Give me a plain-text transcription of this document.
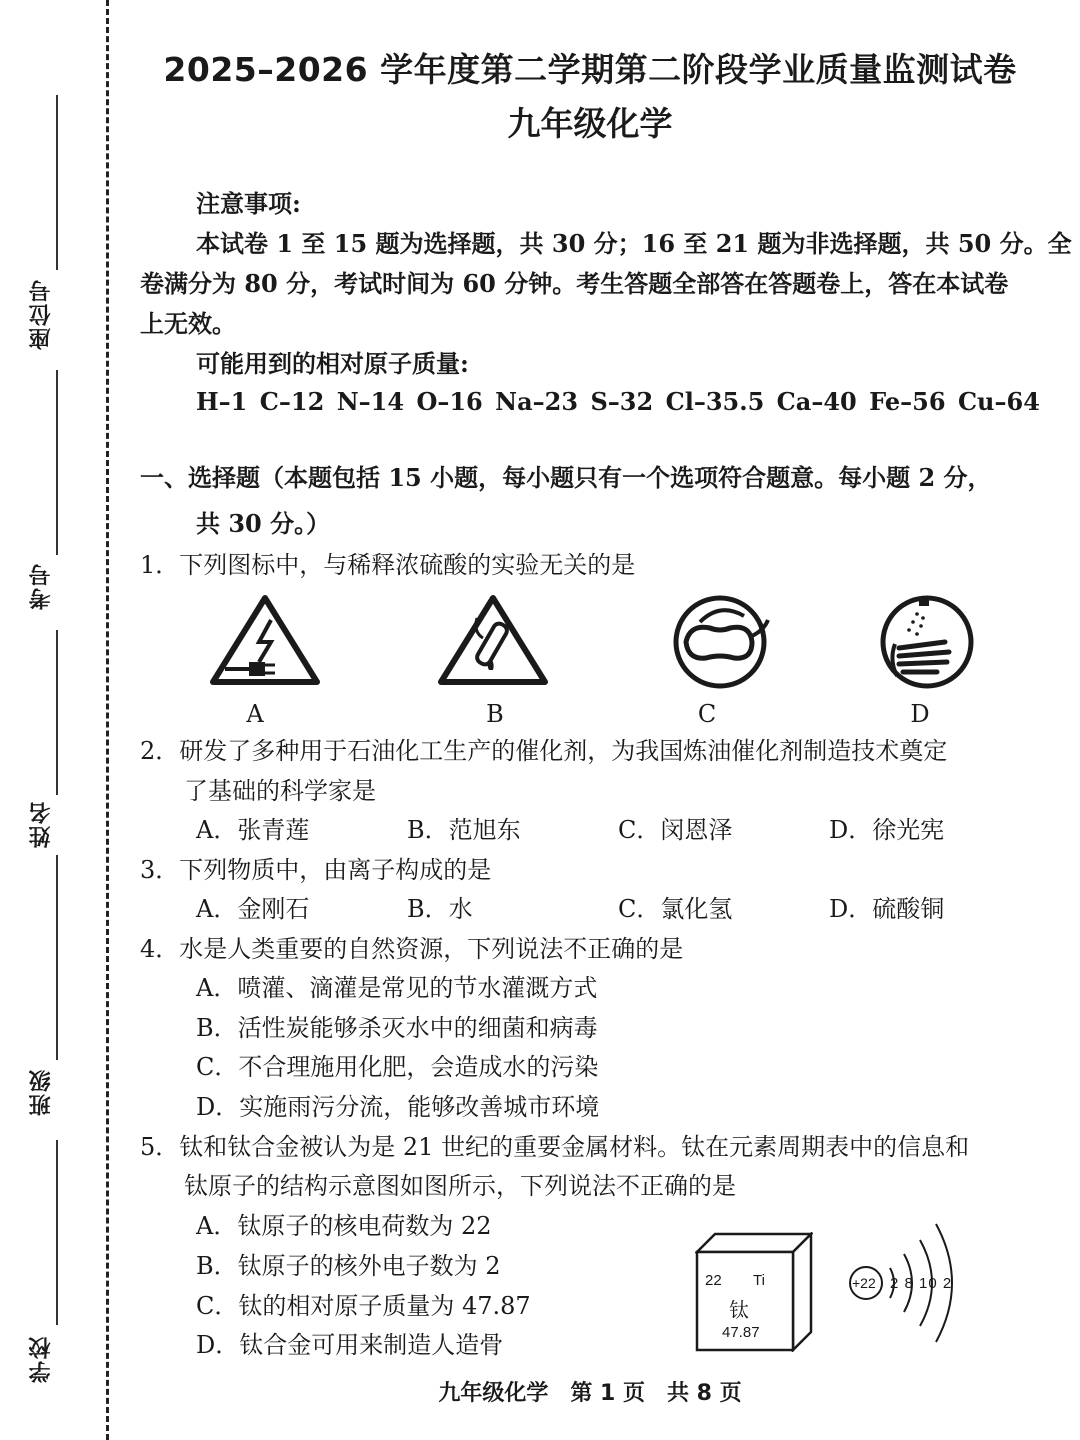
座位号
考号
姓名
班级
学校
2025–2026 学年度第二学期第二阶段学业质量监测试卷
九年级化学
注意事项:
本试卷 1 至 15 题为选择题，共 30 分；16 至 21 题为非选择题，共 50 分。全
卷满分为 80 分，考试时间为 60 分钟。考生答题全部答在答题卷上，答在本试卷
上无效。
可能用到的相对原子质量:
H–1 C–12 N–14 O–16 Na–23 S–32 Cl–35.5 Ca–40 Fe–56 Cu–64
一、选择题（本题包括 15 小题，每小题只有一个选项符合题意。每小题 2 分，
共 30 分。）
1．下列图标中，与稀释浓硫酸的实验无关的是
A	B	C	D
2．研发了多种用于石油化工生产的催化剂，为我国炼油催化剂制造技术奠定
了基础的科学家是
A．张青莲	B．范旭东	C．闵恩泽	D．徐光宪
3．下列物质中，由离子构成的是
A．金刚石	B．水	C．氯化氢	D．硫酸铜
4．水是人类重要的自然资源，下列说法不正确的是
A．喷灌、滴灌是常见的节水灌溉方式
B．活性炭能够杀灭水中的细菌和病毒
C．不合理施用化肥，会造成水的污染
D．实施雨污分流，能够改善城市环境
5．钛和钛合金被认为是 21 世纪的重要金属材料。钛在元素周期表中的信息和
钛原子的结构示意图如图所示，下列说法不正确的是
A．钛原子的核电荷数为 22
B．钛原子的核外电子数为 2
C．钛的相对原子质量为 47.87
D．钛合金可用来制造人造骨
22 Ti
钛
47.87
+22 2 8 10 2
九年级化学　第 1 页　共 8 页
